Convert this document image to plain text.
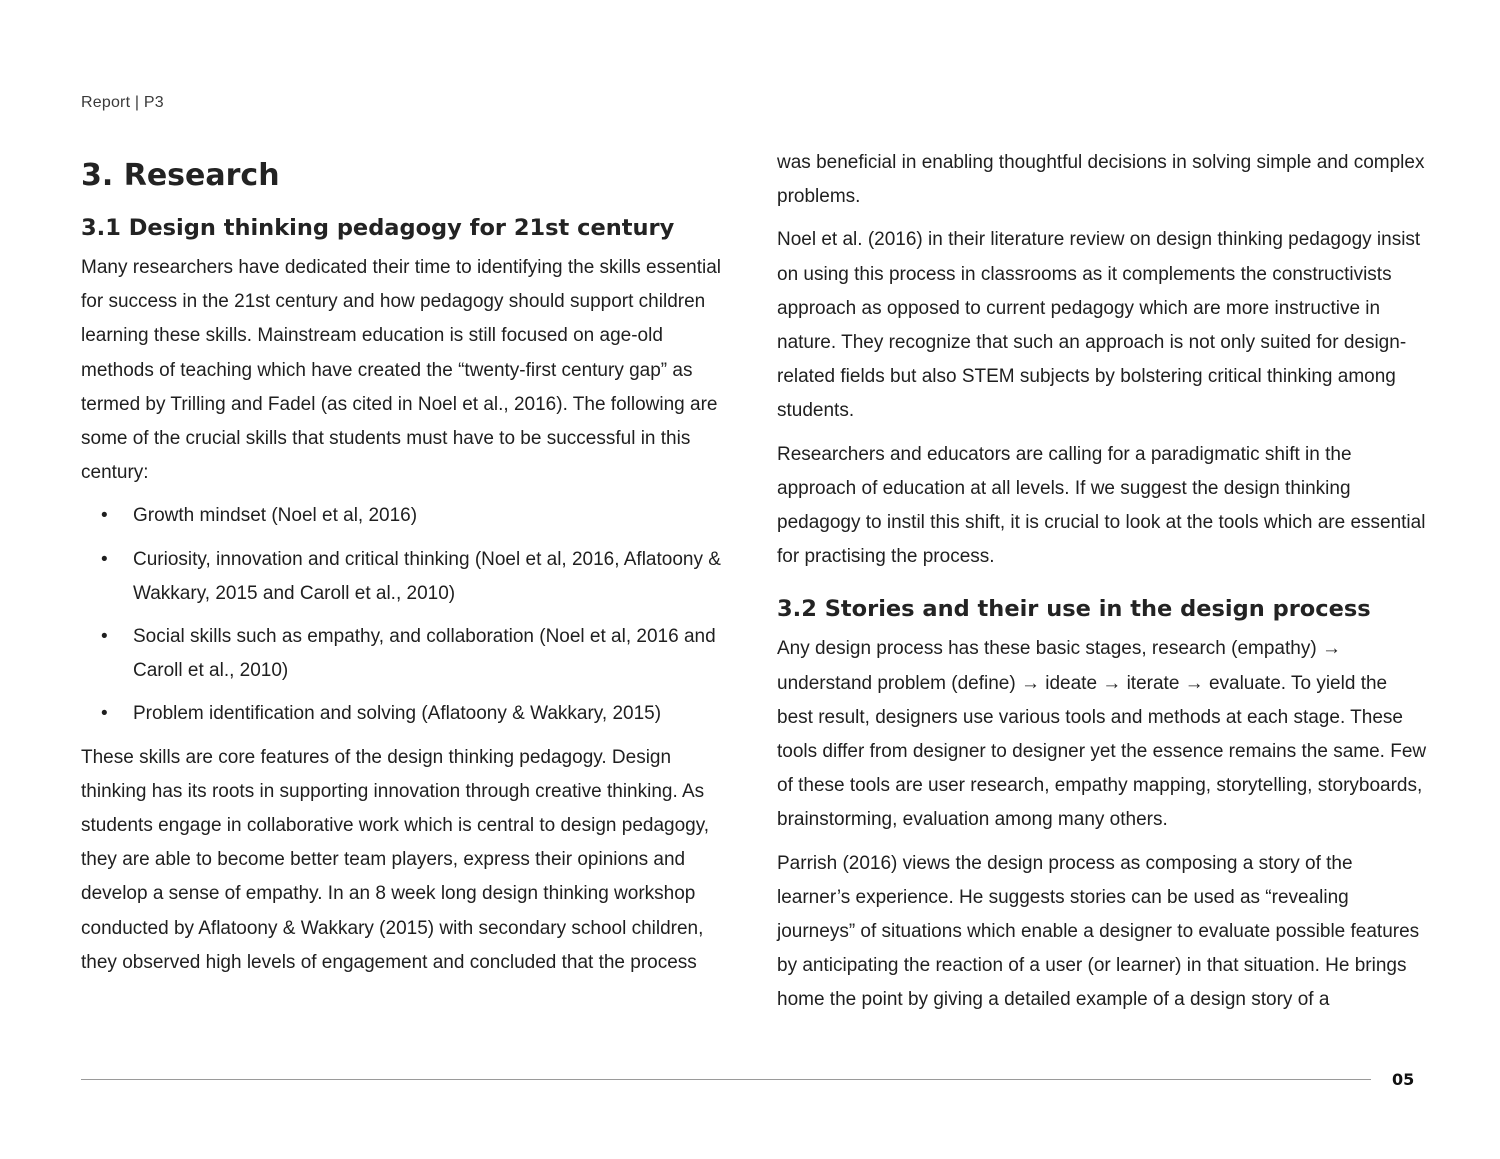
Report | P3
3. Research
3.1 Design thinking pedagogy for 21st century

Many researchers have dedicated their time to identifying the skills essential for success in the 21st century and how pedagogy should support children learning these skills. Mainstream education is still focused on age-old methods of teaching which have created the “twenty-first century gap” as termed by Trilling and Fadel (as cited in Noel et al., 2016). The following are some of the crucial skills that students must have to be successful in this century:

• Growth mindset (Noel et al, 2016)
• Curiosity, innovation and critical thinking (Noel et al, 2016, Aflatoony & Wakkary, 2015 and Caroll et al., 2010)
• Social skills such as empathy, and collaboration (Noel et al, 2016 and Caroll et al., 2010)
• Problem identification and solving (Aflatoony & Wakkary, 2015)

These skills are core features of the design thinking pedagogy. Design thinking has its roots in supporting innovation through creative thinking. As students engage in collaborative work which is central to design pedagogy, they are able to become better team players, express their opinions and develop a sense of empathy. In an 8 week long design thinking workshop conducted by Aflatoony & Wakkary (2015) with secondary school children, they observed high levels of engagement and concluded that the process

was beneficial in enabling thoughtful decisions in solving simple and complex problems.

Noel et al. (2016) in their literature review on design thinking pedagogy insist on using this process in classrooms as it complements the constructivists approach as opposed to current pedagogy which are more instructive in nature. They recognize that such an approach is not only suited for design-related fields but also STEM subjects by bolstering critical thinking among students.

Researchers and educators are calling for a paradigmatic shift in the approach of education at all levels. If we suggest the design thinking pedagogy to instil this shift, it is crucial to look at the tools which are essential for practising the process.

3.2 Stories and their use in the design process

Any design process has these basic stages, research (empathy) → understand problem (define) → ideate → iterate → evaluate. To yield the best result, designers use various tools and methods at each stage. These tools differ from designer to designer yet the essence remains the same. Few of these tools are user research, empathy mapping, storytelling, storyboards, brainstorming, evaluation among many others.

Parrish (2016) views the design process as composing a story of the learner’s experience. He suggests stories can be used as “revealing journeys” of situations which enable a designer to evaluate possible features by anticipating the reaction of a user (or learner) in that situation. He brings home the point by giving a detailed example of a design story of a

05
